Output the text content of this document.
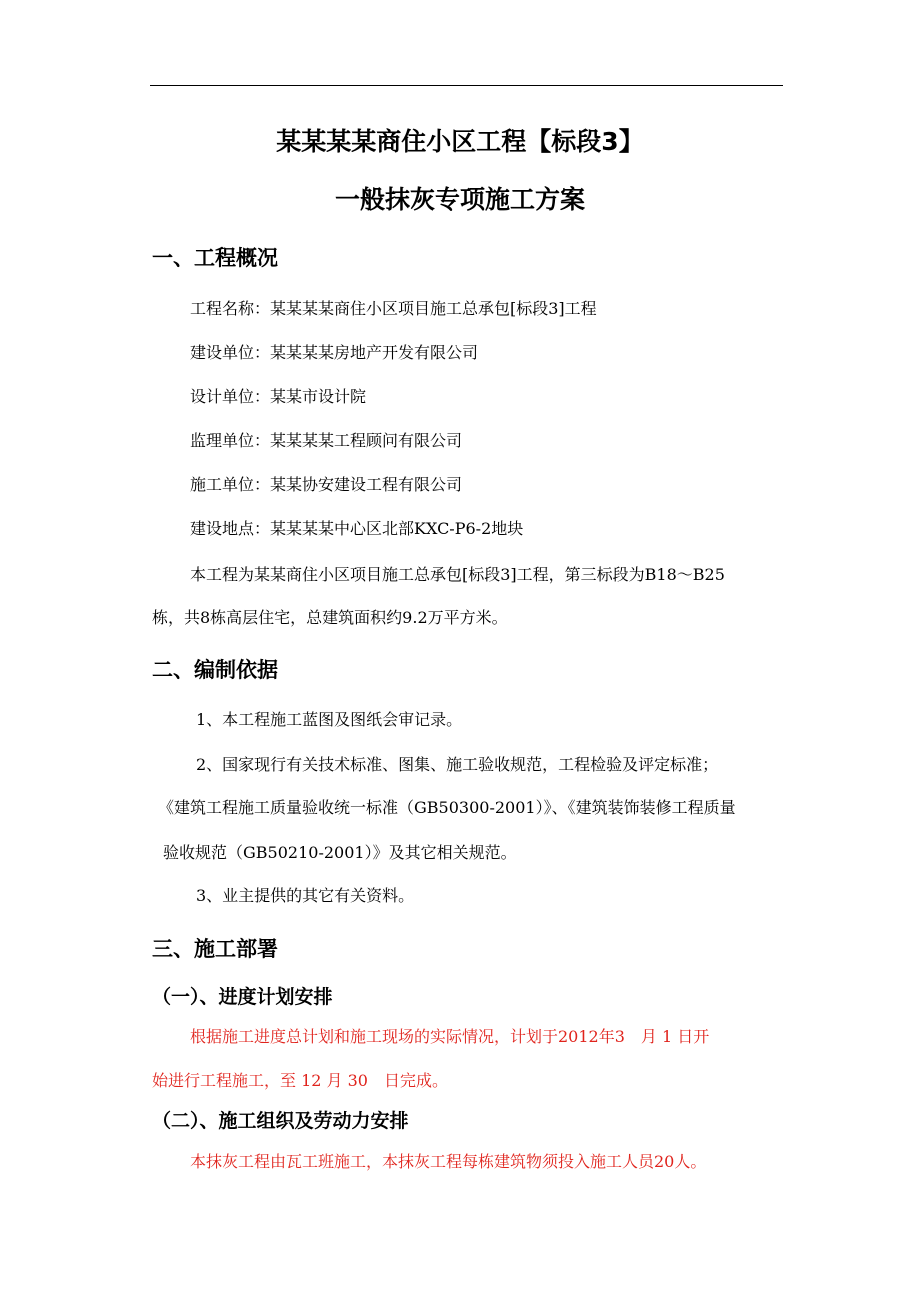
某某某某商住小区工程【标段3】
一般抹灰专项施工方案
一、工程概况
工程名称：某某某某商住小区项目施工总承包[标段3]工程
建设单位：某某某某房地产开发有限公司
设计单位：某某市设计院
监理单位：某某某某工程顾问有限公司
施工单位：某某协安建设工程有限公司
建设地点：某某某某中心区北部KXC-P6-2地块
本工程为某某商住小区项目施工总承包[标段3]工程，第三标段为B18～B25
栋，共8栋高层住宅，总建筑面积约9.2万平方米。
二、编制依据
1、本工程施工蓝图及图纸会审记录。
2、国家现行有关技术标准、图集、施工验收规范，工程检验及评定标准；
《建筑工程施工质量验收统一标准（GB50300-2001）》、《建筑装饰装修工程质量
验收规范（GB50210-2001）》及其它相关规范。
3、业主提供的其它有关资料。
三、施工部署
（一）、进度计划安排
根据施工进度总计划和施工现场的实际情况，计划于2012年3　月 1 日开
始进行工程施工，至 12 月 30　日完成。
（二）、施工组织及劳动力安排
本抹灰工程由瓦工班施工，本抹灰工程每栋建筑物须投入施工人员20人。
